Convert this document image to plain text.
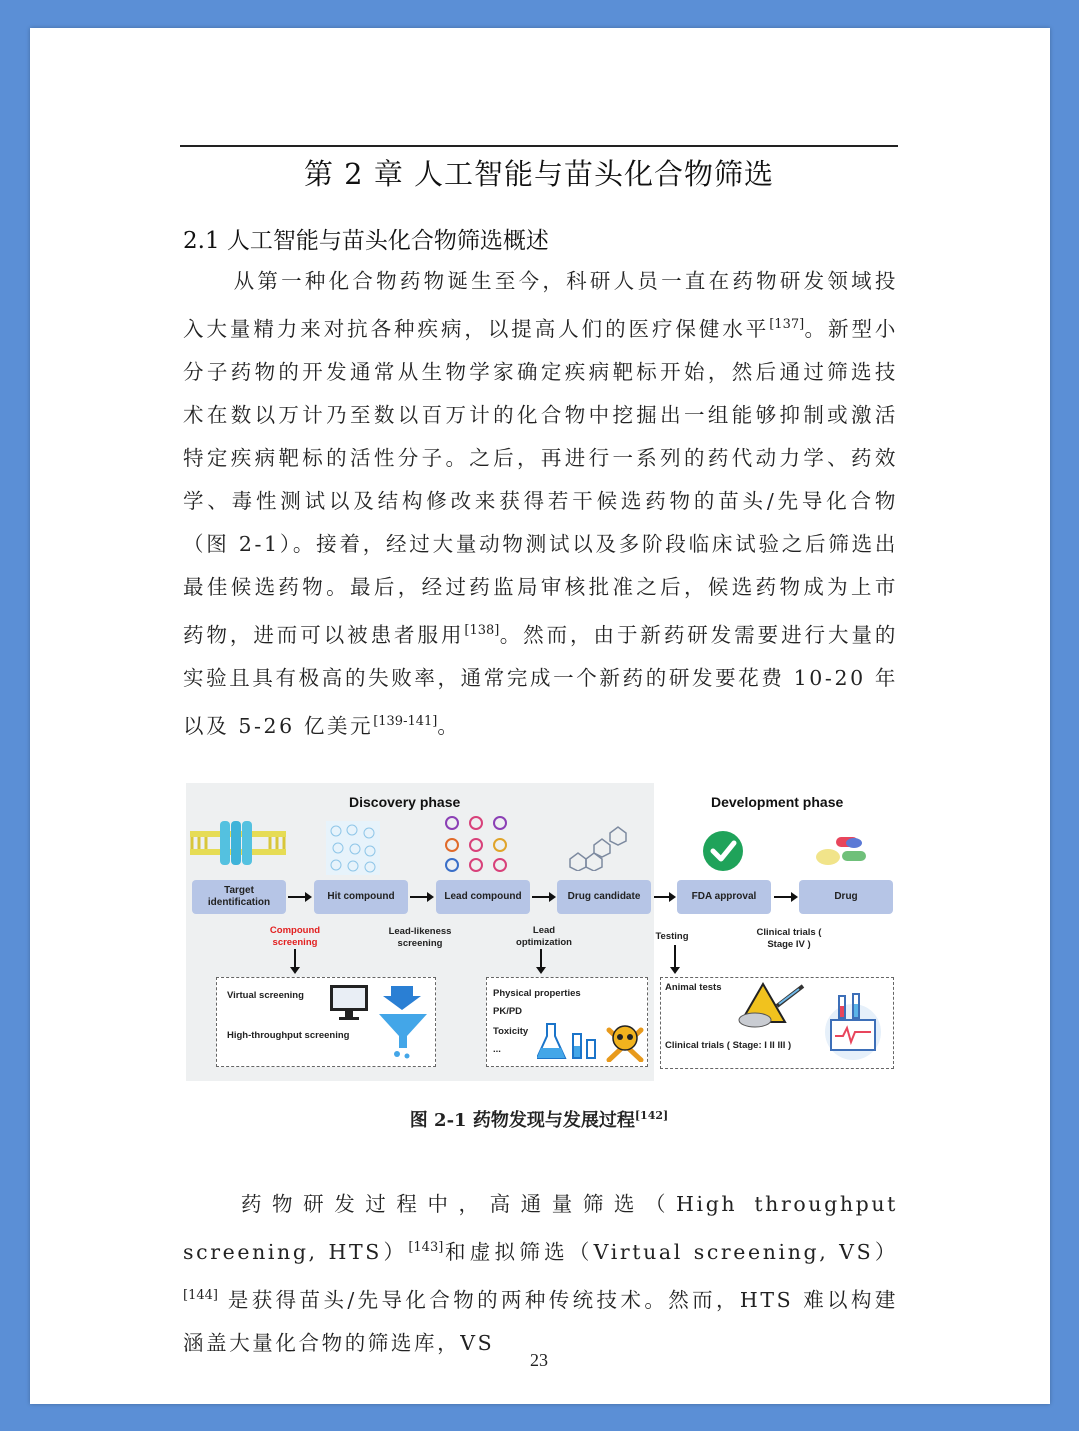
第 2 章 人工智能与苗头化合物筛选
2.1 人工智能与苗头化合物筛选概述
从第一种化合物药物诞生至今，科研人员一直在药物研发领域投入大量精力来对抗各种疾病，以提高人们的医疗保健水平[137]。新型小分子药物的开发通常从生物学家确定疾病靶标开始，然后通过筛选技术在数以万计乃至数以百万计的化合物中挖掘出一组能够抑制或激活特定疾病靶标的活性分子。之后，再进行一系列的药代动力学、药效学、毒性测试以及结构修改来获得若干候选药物的苗头/先导化合物（图 2-1）。接着，经过大量动物测试以及多阶段临床试验之后筛选出最佳候选药物。最后，经过药监局审核批准之后，候选药物成为上市药物，进而可以被患者服用[138]。然而，由于新药研发需要进行大量的实验且具有极高的失败率，通常完成一个新药的研发要花费 10-20 年以及 5-26 亿美元[139-141]。
Discovery phase	Development phase
Target identification
Hit compound	Lead compound	Drug candidate	FDA approval	Drug
Compound screening
Lead-likeness screening
Lead optimization
Testing	Clinical trials ( Stage IV )
Virtual screening
High-throughput screening
Physical properties
PK/PD
Toxicity
...
Animal tests
Clinical trials ( Stage: I II III )
图 2-1 药物发现与发展过程[142]
药物研发过程中，高通量筛选（High throughput screening, HTS）[143]和虚拟筛选（Virtual screening, VS）[144] 是获得苗头/先导化合物的两种传统技术。然而，HTS 难以构建涵盖大量化合物的筛选库，VS
23
